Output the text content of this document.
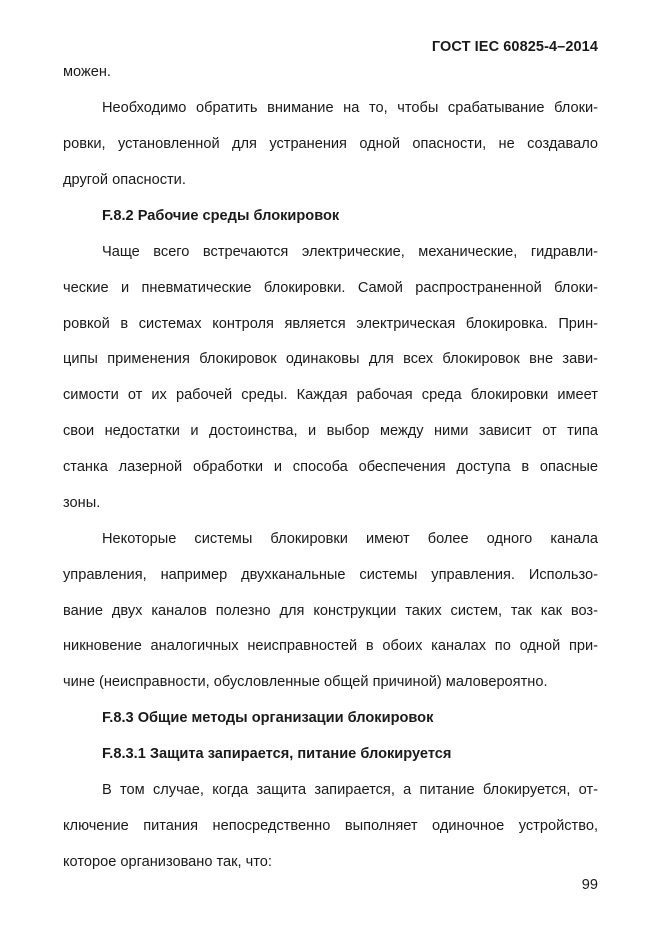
ГОСТ IEC 60825-4–2014
можен.
Необходимо обратить внимание на то, чтобы срабатывание блоки-
ровки, установленной для устранения одной опасности, не создавало
другой опасности.
F.8.2 Рабочие среды блокировок
Чаще всего встречаются электрические, механические, гидравли-
ческие и пневматические блокировки. Самой распространенной блоки-
ровкой в системах контроля является электрическая блокировка. Прин-
ципы применения блокировок одинаковы для всех блокировок вне зави-
симости от их рабочей среды. Каждая рабочая среда блокировки имеет
свои недостатки и достоинства, и выбор между ними зависит от типа
станка лазерной обработки и способа обеспечения доступа в опасные
зоны.
Некоторые системы блокировки имеют более одного канала
управления, например двухканальные системы управления. Использо-
вание двух каналов полезно для конструкции таких систем, так как воз-
никновение аналогичных неисправностей в обоих каналах по одной при-
чине (неисправности, обусловленные общей причиной) маловероятно.
F.8.3 Общие методы организации блокировок
F.8.3.1 Защита запирается, питание блокируется
В том случае, когда защита запирается, а питание блокируется, от-
ключение питания непосредственно выполняет одиночное устройство,
которое организовано так, что:
99
